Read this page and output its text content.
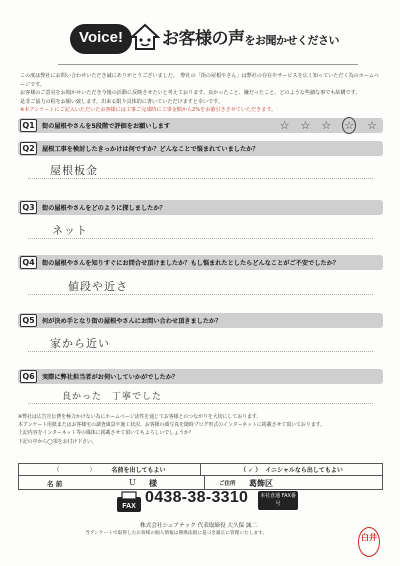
Voice!	お客様の声をお聞かせください
この度は弊社にお問い合わせいただき誠にありがとうございました。　弊社の「街の屋根やさん」は弊社の存在やサービスを広く知っていただく為のホームページです。
お客様のご意見をお聞かせいただき今後の活動に反映させたいと考えております。良かったこと、嫌だったこと、どのような些細な事でも結構です。
是非ご協力の程をお願い致します。出来る限り具体的に書いていただけますと幸いです。
※本アンケートにご記入いただいたお客様には工事ご完成時に工事金額から2%をお値引きさせていただきます。
Q1	街の屋根やさんを5段階で評価をお願いします	☆ ☆ ☆ ☆ ☆
Q2	屋根工事を検討したきっかけは何ですか？どんなことで悩まれていましたか？
屋根板金
Q3	街の屋根やさんをどのように探しましたか？
ネット
Q4	街の屋根やさんを知りすぐにお問合せ頂けましたか？もし悩まれたとしたらどんなことがご不安でしたか？
値段や近さ
Q5	何が決め手となり街の屋根やさんにお問い合わせ頂きましたか？
家から近い
Q6	実際に弊社担当者がお伺いしていかがでしたか？
良かった　丁寧でした
※弊社は広告宣伝費を極力かけない為にホームページ活性を通じてお客様とのつながりを大切にしております。
本アンケート用紙またはお客様宅の調査風景や施工状況、お客様の顔写真を随時ブログ形式のインターネットに掲載させて頂いております。
上記内容をインターネット等の媒体に掲載させて頂いてもよろしいでしょうか？
下記の中から◯項をお付け下さい。
（　） 名前を出してもよい	（ ✓ ） イニシャルなら出してもよい
名 前	U 様	ご住所 葛飾区
FAX
0438-38-3310	本社直通 FAX番号
株式会社シェアテック 代表取締役 大久保 誠二
当アンケートで取得したお客様の個人情報は関係法規に基づき厳正に管理いたします。	白井
